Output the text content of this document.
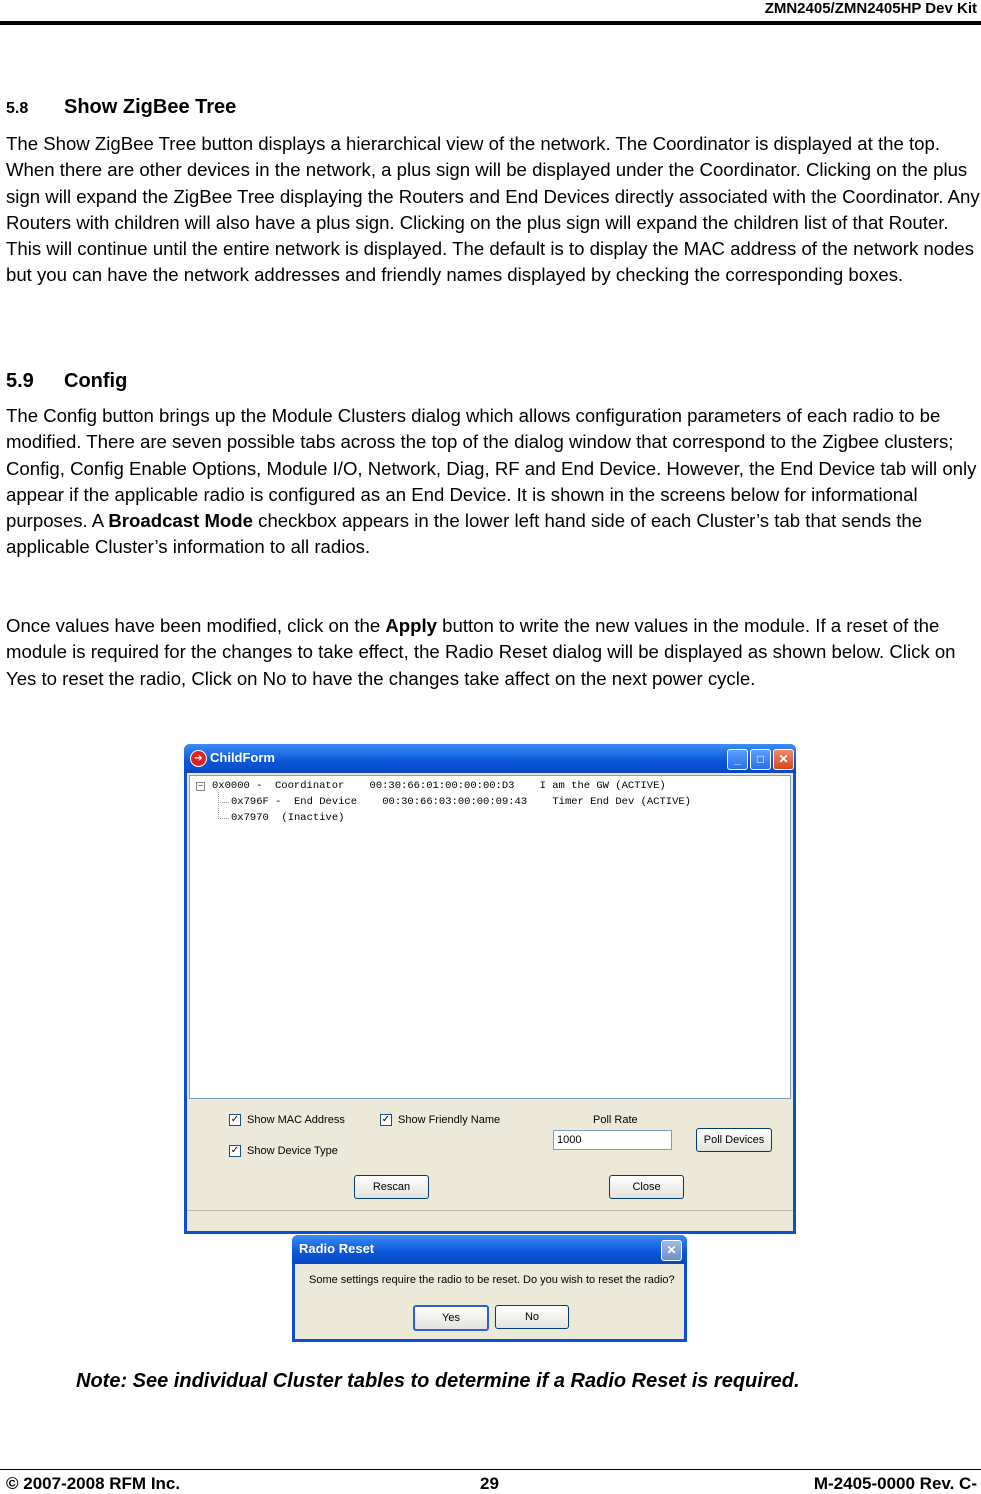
ZMN2405/ZMN2405HP Dev Kit
5.8 Show ZigBee Tree
The Show ZigBee Tree button displays a hierarchical view of the network. The Coordinator is displayed at the top. When there are other devices in the network, a plus sign will be displayed under the Coordinator. Clicking on the plus sign will expand the ZigBee Tree displaying the Routers and End Devices directly associated with the Coordinator. Any Routers with children will also have a plus sign. Clicking on the plus sign will expand the children list of that Router. This will continue until the entire network is displayed. The default is to display the MAC address of the network nodes but you can have the network addresses and friendly names displayed by checking the corresponding boxes.
5.9 Config
The Config button brings up the Module Clusters dialog which allows configuration parameters of each radio to be modified. There are seven possible tabs across the top of the dialog window that correspond to the Zigbee clusters; Config, Config Enable Options, Module I/O, Network, Diag, RF and End Device. However, the End Device tab will only appear if the applicable radio is configured as an End Device. It is shown in the screens below for informational purposes. A Broadcast Mode checkbox appears in the lower left hand side of each Cluster’s tab that sends the applicable Cluster’s information to all radios.
Once values have been modified, click on the Apply button to write the new values in the module. If a reset of the module is required for the changes to take effect, the Radio Reset dialog will be displayed as shown below. Click on Yes to reset the radio, Click on No to have the changes take affect on the next power cycle.
➔ ChildForm	_	□	✕
− 0x0000 -  Coordinator    00:30:66:01:00:00:00:D3    I am the GW (ACTIVE)
0x796F -  End Device    00:30:66:03:00:00:09:43    Timer End Dev (ACTIVE)
0x7970  (Inactive)
✓ Show MAC Address	✓ Show Friendly Name
✓ Show Device Type
Poll Rate
1000	Poll Devices
Rescan	Close
Radio Reset	✕
Some settings require the radio to be reset. Do you wish to reset the radio?
Yes	No
Note: See individual Cluster tables to determine if a Radio Reset is required.
© 2007-2008 RFM Inc.	29	M-2405-0000 Rev. C-
